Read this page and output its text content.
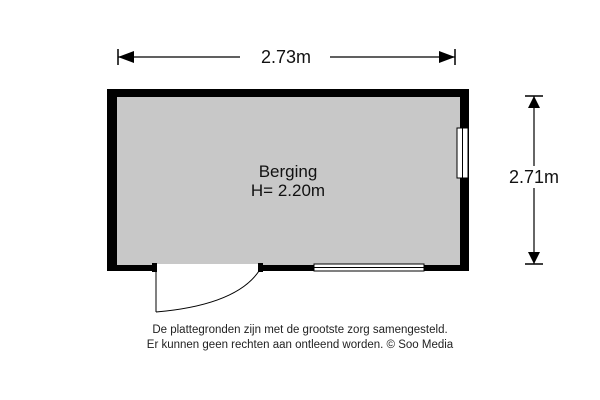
2.73m
2.71m
Berging
H= 2.20m
De plattegronden zijn met de grootste zorg samengesteld.
Er kunnen geen rechten aan ontleend worden. © Soo Media
